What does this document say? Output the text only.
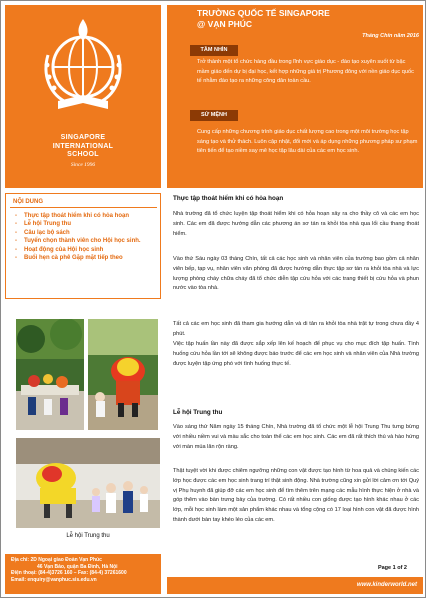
SINGAPORE
INTERNATIONAL
SCHOOL
Since 1996
TRƯỜNG QUỐC TẾ SINGAPORE
@ VẠN PHÚC
Tháng Chín năm 2016
TẦM NHÌN
Trở thành một tổ chức hàng đầu trong lĩnh vực giáo dục - đào tạo xuyên suốt từ bậc mầm giáo đến dự bị đại học, kết hợp những giá trị Phương đông với nền giáo dục quốc tế nhằm đào tạo ra những công dân toàn cầu.
SỨ MỆNH
Cung cấp những chương trình giáo dục chất lượng cao trong một môi trường học tập sáng tạo và thử thách. Luôn cập nhật, đổi mới và áp dụng những phương pháp sư phạm tiên tiến để tạo niềm say mê học tập lâu dài của các em học sinh.
NỘI DUNG
- Thực tập thoát hiểm khi có hỏa hoạn
- Lễ hội Trung thu
- Câu lạc bộ sách
- Tuyển chọn thành viên cho Hội học sinh.
- Hoạt động của Hội học sinh
- Buổi hẹn cà phê Gặp mặt tiếp theo
Lễ hội Trung thu
Địa chỉ: 2D Ngoại giao Đoàn Vạn Phúc
46 Vạn Bảo, quận Ba Đình, Hà Nội
Điện thoại: (84-4)3726 160 – Fax: (84-4) 37261600
Email: enquiry@vanphuc.sis.edu.vn
Thực tập thoát hiểm khi có hỏa hoạn
Nhà trường đã tổ chức luyện tập thoát hiểm khi có hỏa hoạn xảy ra cho thầy cô và các em học sinh. Các em đã được hướng dẫn các phương án sơ tán ra khỏi tòa nhà qua lối cầu thang thoát hiểm.
Vào thứ Sáu ngày 03 tháng Chín, tất cả các học sinh và nhân viên của trường bao gồm cả nhân viên bếp, tạp vụ, nhân viên văn phòng đã được hướng dẫn thực tập sơ tán ra khỏi tòa nhà và lực lượng phòng cháy chữa cháy đã tổ chức diễn tập cứu hỏa với các trang thiết bị cứu hỏa và phun nước vào tòa nhà.
Tất cả các em học sinh đã tham gia hướng dẫn và di tản ra khỏi tòa nhà trật tự trong chưa đầy 4 phút.
Việc tập huấn lần này đã được sắp xếp lên kế hoạch để phục vụ cho mục đích tập huấn. Tình huống cứu hỏa lần tới sẽ không được báo trước để các em học sinh và nhân viên của Nhà trường được luyện tập ứng phó với tình huống thực tế.
Lễ hội Trung thu
Vào sáng thứ Năm ngày 15 tháng Chín, Nhà trường đã tổ chức một lễ hội Trung Thu tưng bừng với nhiều niềm vui và màu sắc cho toàn thể các em học sinh. Các em đã rất thích thú và hào hứng với màn múa lân rộn ràng.
Thật tuyệt vời khi được chiêm ngưỡng những con vật được tạo hình từ hoa quả và chúng kiến các lớp học được các em học sinh trang trí thật sinh động. Nhà trường cũng xin gửi lời cảm ơn tới Quý vị Phụ huynh đã giúp đỡ các em học sinh để tìm thêm trên mạng các mẫu hình thực hiện ở nhà và góp thêm vào bàn trưng bày của trường. Có rất nhiều con giống được tạo hình khác nhau ở các lớp, mỗi học sinh làm một sản phẩm khác nhau và tổng cộng có 17 loại hình con vật đã được hình thành dưới bàn tay khéo léo của các em.
Page 1 of 2
www.kinderworld.net
